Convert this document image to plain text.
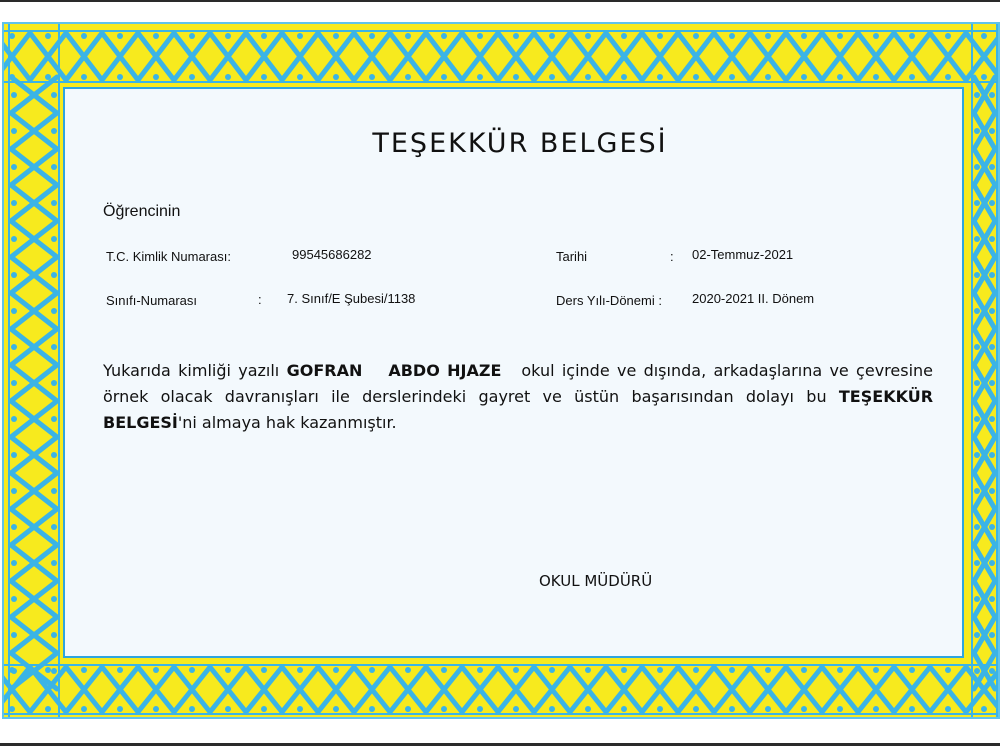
TEŞEKKÜR BELGESİ
Öğrencinin
T.C. Kimlik Numarası:	99545686282	Tarihi	: 02-Temmuz-2021
Sınıfı-Numarası	: 7. Sınıf/E Şubesi/1138	Ders Yılı-Dönemi : 2020-2021 II. Dönem
Yukarıda kimliği yazılı GOFRAN ABDO HJAZE okul içinde ve dışında, arkadaşlarına ve çevresine örnek olacak davranışları ile derslerindeki gayret ve üstün başarısından dolayı bu TEŞEKKÜR BELGESİ'ni almaya hak kazanmıştır.
OKUL MÜDÜRÜ
